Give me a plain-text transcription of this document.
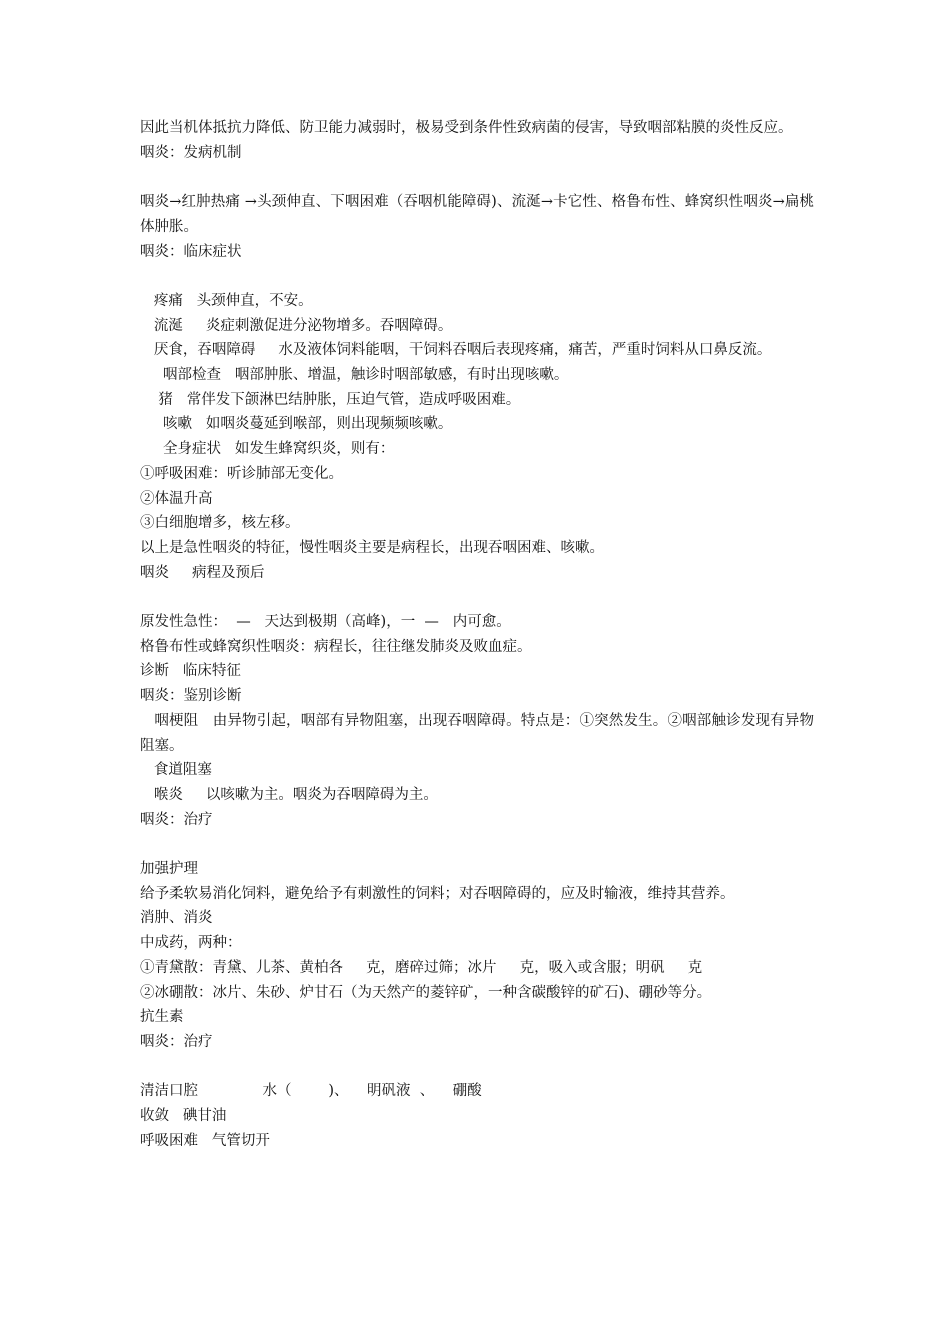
因此当机体抵抗力降低、防卫能力减弱时，极易受到条件性致病菌的侵害，导致咽部粘膜的炎性反应。
咽炎：发病机制
咽炎→红肿热痛 →头颈伸直、下咽困难（吞咽机能障碍)、流涎→卡它性、格鲁布性、蜂窝织性咽炎→扁桃体肿胀。
咽炎：临床症状
疼痛   头颈伸直，不安。
流涎     炎症刺激促进分泌物增多。吞咽障碍。
厌食，吞咽障碍     水及液体饲料能咽，干饲料吞咽后表现疼痛，痛苦，严重时饲料从口鼻反流。
咽部检查   咽部肿胀、增温，触诊时咽部敏感，有时出现咳嗽。
猪   常伴发下颌淋巴结肿胀，压迫气管，造成呼吸困难。
咳嗽   如咽炎蔓延到喉部，则出现频频咳嗽。
全身症状   如发生蜂窝织炎，则有：
①呼吸困难：听诊肺部无变化。
②体温升高
③白细胞增多，核左移。
以上是急性咽炎的特征，慢性咽炎主要是病程长，出现吞咽困难、咳嗽。
咽炎     病程及预后
原发性急性：  —   天达到极期（高峰)，一  —   内可愈。
格鲁布性或蜂窝织性咽炎：病程长，往往继发肺炎及败血症。
诊断   临床特征
咽炎：鉴别诊断
咽梗阻   由异物引起，咽部有异物阻塞，出现吞咽障碍。特点是：①突然发生。②咽部触诊发现有异物阻塞。
食道阻塞
喉炎     以咳嗽为主。咽炎为吞咽障碍为主。
咽炎：治疗
加强护理
给予柔软易消化饲料，避免给予有刺激性的饲料；对吞咽障碍的，应及时输液，维持其营养。
消肿、消炎
中成药，两种：
①青黛散：青黛、儿茶、黄柏各     克，磨碎过筛；冰片     克，吸入或含服；明矾     克
②冰硼散：冰片、朱砂、炉甘石（为天然产的菱锌矿，一种含碳酸锌的矿石)、硼砂等分。
抗生素
咽炎：治疗
清洁口腔              水（        )、    明矾液  、    硼酸
收敛   碘甘油
呼吸困难   气管切开
